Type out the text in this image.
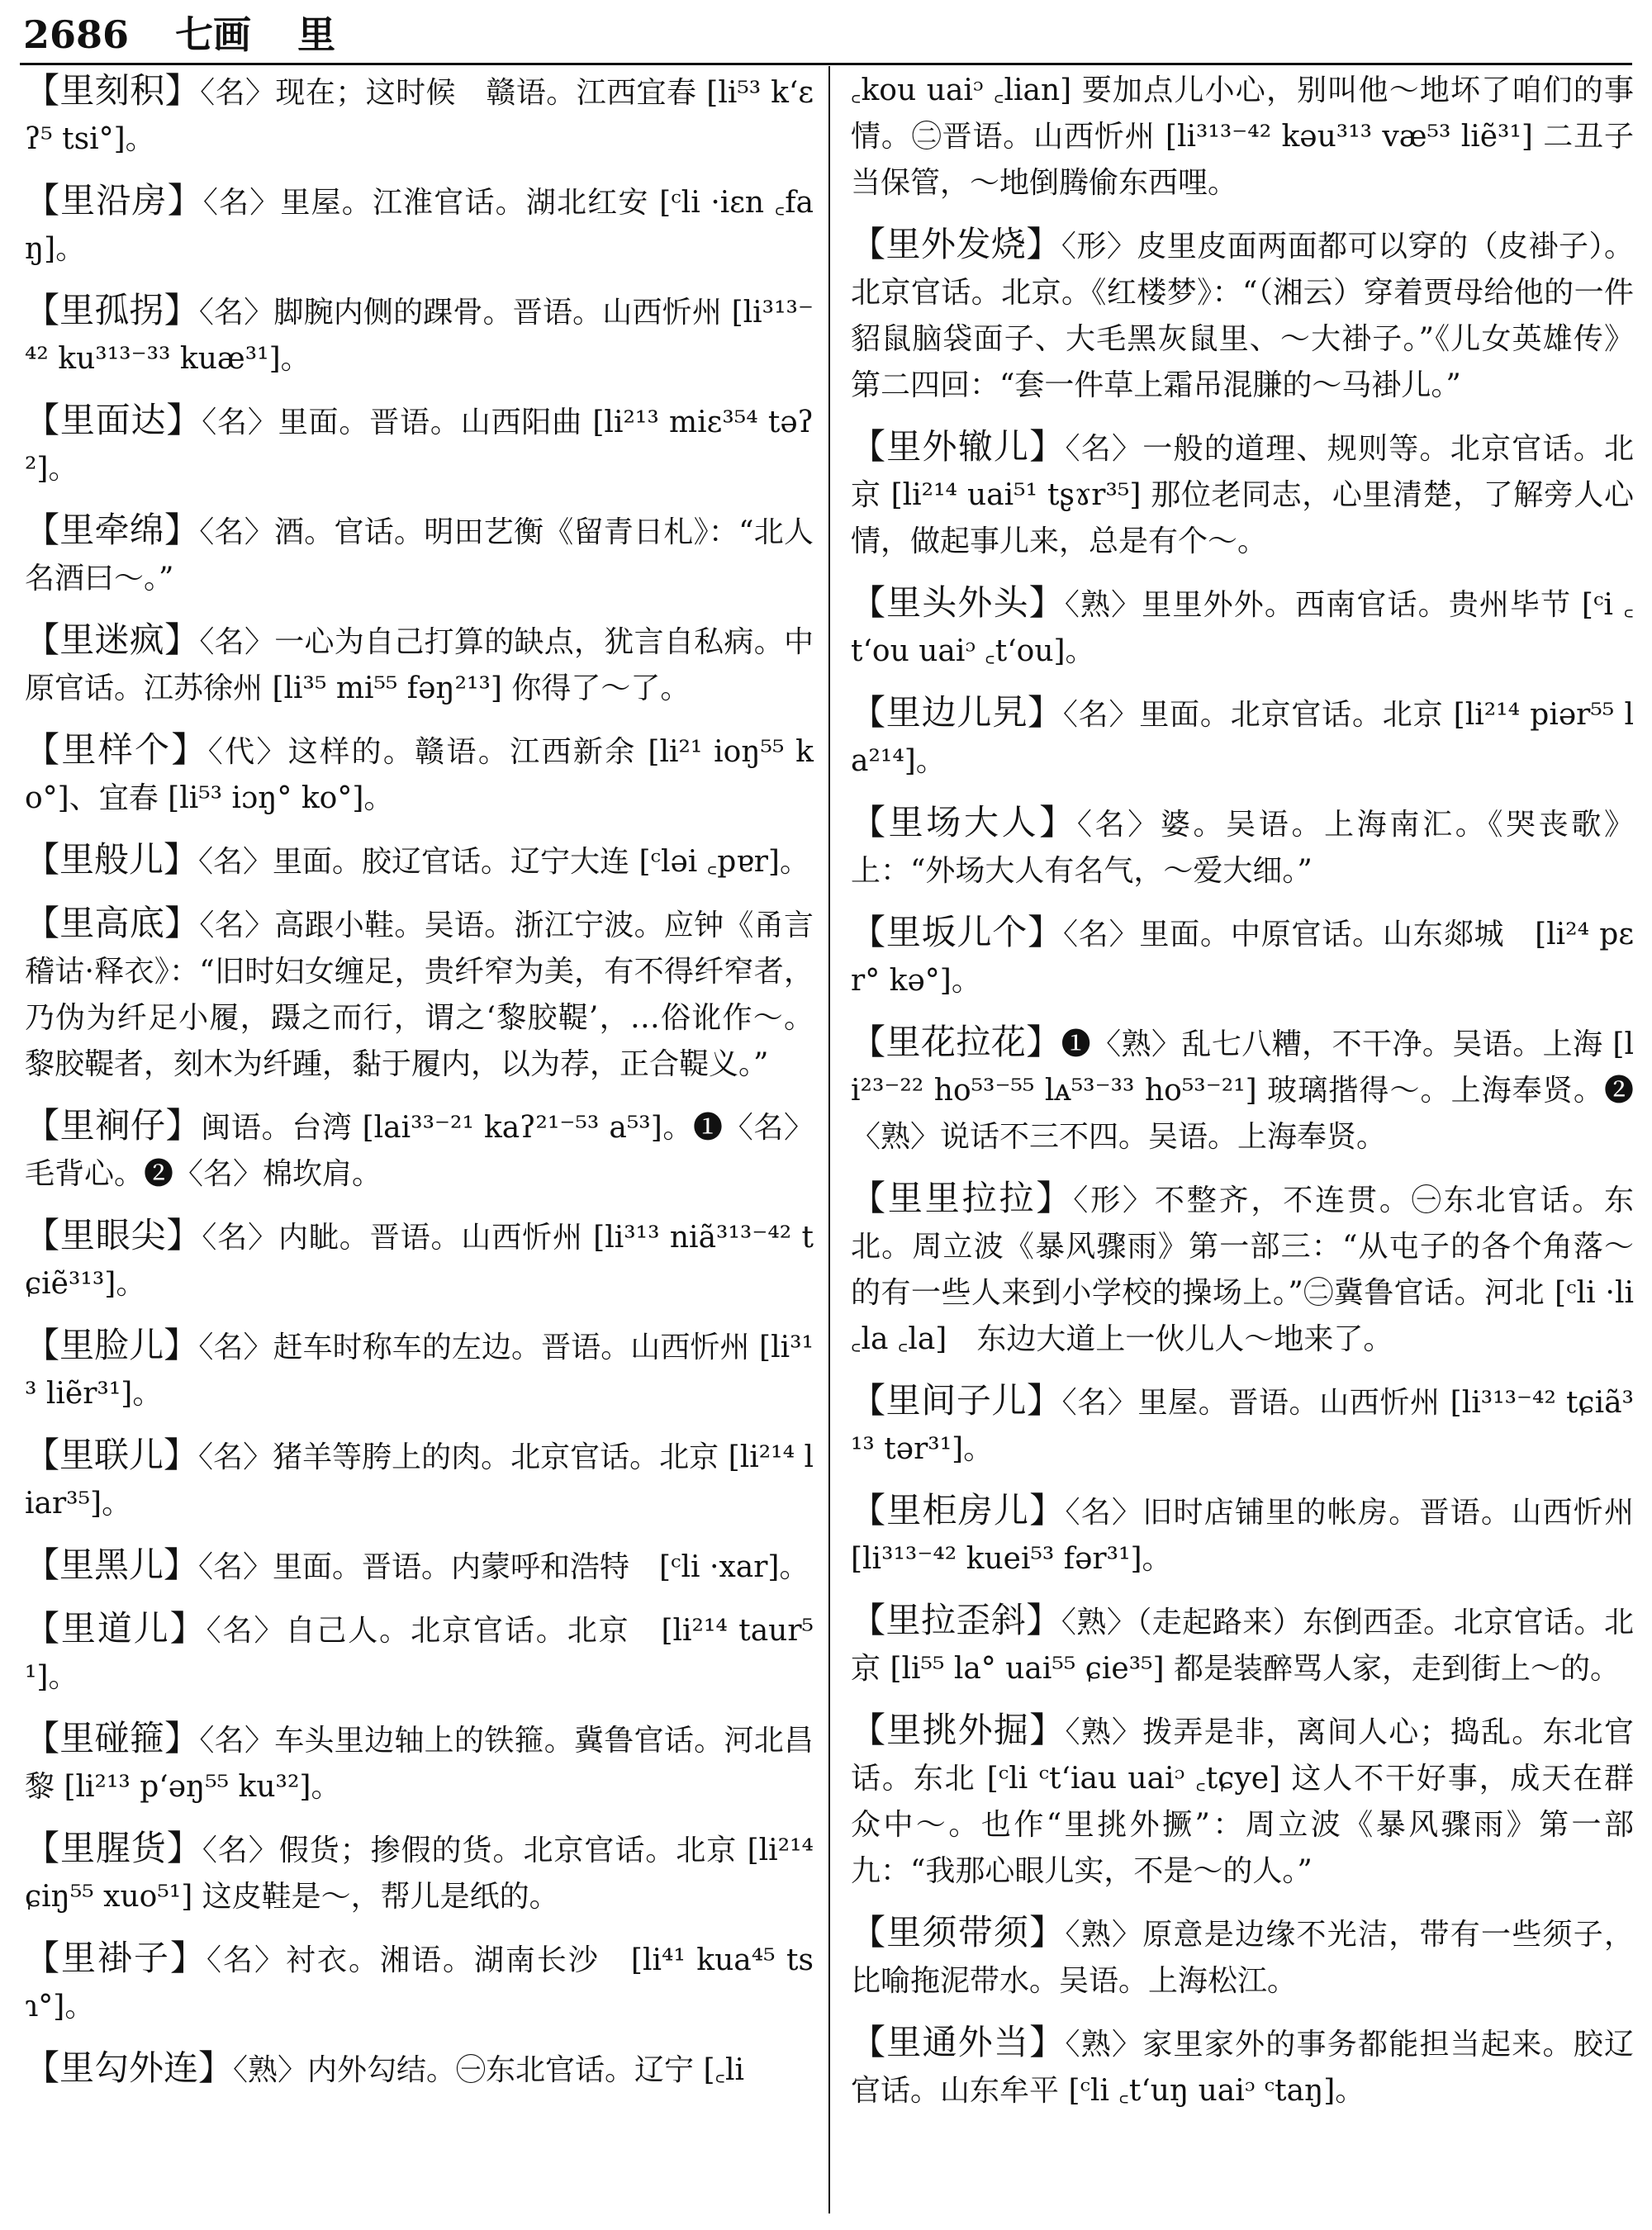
2686 七画 里
【里刻积】〈名〉现在；这时候　赣语。江西宜春 [li⁵³ k‘ɛʔ⁵ tsi°]。
【里沿房】〈名〉里屋。江淮官话。湖北红安 [ᶜli ·iɛn ꜀faŋ]。
【里孤拐】〈名〉脚腕内侧的踝骨。晋语。山西忻州 [li³¹³⁻⁴² ku³¹³⁻³³ kuæ³¹]。
【里面达】〈名〉里面。晋语。山西阳曲 [li²¹³ miɛ³⁵⁴ təʔ²]。
【里牵绵】〈名〉酒。官话。明田艺衡《留青日札》：“北人名酒曰～。”
【里迷疯】〈名〉一心为自己打算的缺点，犹言自私病。中原官话。江苏徐州 [li³⁵ mi⁵⁵ fəŋ²¹³] 你得了～了。
【里样个】〈代〉这样的。赣语。江西新余 [li²¹ ioŋ⁵⁵ ko°]、宜春 [li⁵³ iɔŋ° ko°]。
【里般儿】〈名〉里面。胶辽官话。辽宁大连 [ᶜləi ꜀pɐr]。
【里高底】〈名〉高跟小鞋。吴语。浙江宁波。应钟《甬言稽诂·释衣》：“旧时妇女缠足，贵纤窄为美，有不得纤窄者，乃伪为纤足小履，蹑之而行，谓之‘黎胶鞮’，…俗讹作～。黎胶鞮者，刻木为纤踵，黏于履内，以为荐，正合鞮义。”
【里裥仔】闽语。台湾 [lai³³⁻²¹ kaʔ²¹⁻⁵³ a⁵³]。❶〈名〉毛背心。❷〈名〉棉坎肩。
【里眼尖】〈名〉内眦。晋语。山西忻州 [li³¹³ niã³¹³⁻⁴² tɕiẽ³¹³]。
【里脸儿】〈名〉赶车时称车的左边。晋语。山西忻州 [li³¹³ liẽr³¹]。
【里联儿】〈名〉猪羊等胯上的肉。北京官话。北京 [li²¹⁴ liar³⁵]。
【里黑儿】〈名〉里面。晋语。内蒙呼和浩特　[ᶜli ·xar]。
【里道儿】〈名〉自己人。北京官话。北京　[li²¹⁴ taur⁵¹]。
【里碰箍】〈名〉车头里边轴上的铁箍。冀鲁官话。河北昌黎 [li²¹³ p‘əŋ⁵⁵ ku³²]。
【里腥货】〈名〉假货；掺假的货。北京官话。北京 [li²¹⁴ ɕiŋ⁵⁵ xuo⁵¹] 这皮鞋是～，帮儿是纸的。
【里褂子】〈名〉衬衣。湘语。湖南长沙　[li⁴¹ kua⁴⁵ tsɿ°]。
【里勾外连】〈熟〉内外勾结。㊀东北官话。辽宁 [꜀li
꜀kou uaiᵓ ꜀lian] 要加点儿小心，别叫他～地坏了咱们的事情。㊁晋语。山西忻州 [li³¹³⁻⁴² kəu³¹³ væ⁵³ liẽ³¹] 二丑子当保管，～地倒腾偷东西哩。
【里外发烧】〈形〉皮里皮面两面都可以穿的（皮褂子）。北京官话。北京。《红楼梦》：“（湘云）穿着贾母给他的一件貂鼠脑袋面子、大毛黑灰鼠里、～大褂子。”《儿女英雄传》第二四回：“套一件草上霜吊混膁的～马褂儿。”
【里外辙儿】〈名〉一般的道理、规则等。北京官话。北京 [li²¹⁴ uai⁵¹ tʂɤr³⁵] 那位老同志，心里清楚，了解旁人心情，做起事儿来，总是有个～。
【里头外头】〈熟〉里里外外。西南官话。贵州毕节 [ᶜi ꜀t‘ou uaiᵓ ꜀t‘ou]。
【里边儿旯】〈名〉里面。北京官话。北京 [li²¹⁴ piər⁵⁵ la²¹⁴]。
【里场大人】〈名〉婆。吴语。上海南汇。《哭丧歌》上：“外场大人有名气，～爱大细。”
【里坂儿个】〈名〉里面。中原官话。山东郯城　[li²⁴ pɛr° kə°]。
【里花拉花】❶〈熟〉乱七八糟，不干净。吴语。上海 [li²³⁻²² ho⁵³⁻⁵⁵ lᴀ⁵³⁻³³ ho⁵³⁻²¹] 玻璃揩得～。上海奉贤。❷〈熟〉说话不三不四。吴语。上海奉贤。
【里里拉拉】〈形〉不整齐，不连贯。㊀东北官话。东北。周立波《暴风骤雨》第一部三：“从屯子的各个角落～的有一些人来到小学校的操场上。”㊁冀鲁官话。河北 [ᶜli ·li ꜀la ꜀la]　东边大道上一伙儿人～地来了。
【里间子儿】〈名〉里屋。晋语。山西忻州 [li³¹³⁻⁴² tɕiã³¹³ tər³¹]。
【里柜房儿】〈名〉旧时店铺里的帐房。晋语。山西忻州 [li³¹³⁻⁴² kuei⁵³ fər³¹]。
【里拉歪斜】〈熟〉（走起路来）东倒西歪。北京官话。北京 [li⁵⁵ la° uai⁵⁵ ɕie³⁵] 都是装醉骂人家，走到街上～的。
【里挑外掘】〈熟〉拨弄是非，离间人心；捣乱。东北官话。东北 [ᶜli ᶜt‘iau uaiᵓ ꜀tɕye] 这人不干好事，成天在群众中～。也作“里挑外撅”：周立波《暴风骤雨》第一部九：“我那心眼儿实，不是～的人。”
【里须带须】〈熟〉原意是边缘不光洁，带有一些须子，比喻拖泥带水。吴语。上海松江。
【里通外当】〈熟〉家里家外的事务都能担当起来。胶辽官话。山东牟平 [ᶜli ꜀t‘uŋ uaiᵓ ᶜtaŋ]。
